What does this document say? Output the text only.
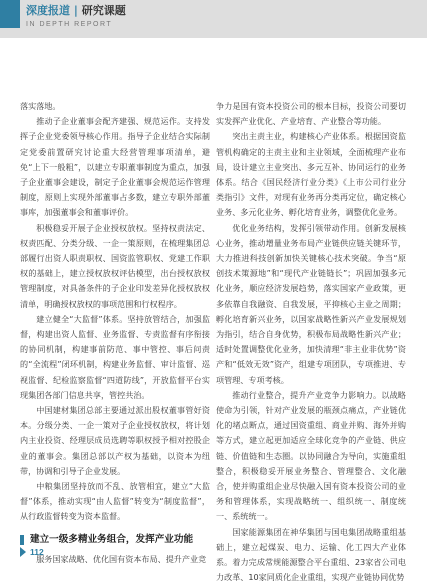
深度报道 | 研究课题
IN DEPTH REPORT

落实落地。

推动子企业董事会配齐建强、规范运作。支持发挥子企业党委领导核心作用。指导子企业结合实际制定党委前置研究讨论重大经营管理事项清单，避免“上下一般粗”，以建立专职董事制度为重点，加强子企业董事会建设，制定子企业董事会规范运作管理制度，原则上实现外部董事占多数，建立专职外部董事库，加强董事会和董事评价。

积极稳妥开展子企业授权放权。坚持权责法定、权责匹配、分类分级、一企一策原则，在梳理集团总部履行出资人职责职权、国资监管职权、党建工作职权的基础上，建立授权放权评估模型，出台授权放权管理制度，对具备条件的子企业印发差异化授权放权清单，明确授权放权的事项范围和行权程序。

建立健全“大监督”体系。坚持放管结合，加强监督，构建出资人监督、业务监督、专责监督有序衔接的协同机制，构建事前防范、事中管控、事后问责的“全流程”闭环机制，构建业务监督、审计监督、巡视监督、纪检监察监督“四道防线”，开放监督平台实现集团各部门信息共享，管控共治。

中国建材集团总部主要通过派出股权董事管好资本。分级分类、一企一策对子企业授权放权，将计划内主业投资、经理层成员选聘等职权授予相对控股企业的董事会。集团总部以产权为基础，以资本为纽带，协调和引导子企业发展。

中粮集团坚持放而不乱、放管相宜，建立“大监督”体系，推动实现“由人监督”转变为“制度监督”，从行政监督转变为资本监督。

建立一级多精业务组合，发挥产业功能

服务国家战略、优化国有资本布局、提升产业竞

争力是国有资本投资公司的根本目标，投资公司要切实发挥产业优化、产业培育、产业整合等功能。

突出主责主业，构建核心产业体系。根据国资监管机构确定的主责主业和主业领域，全面梳理产业布局，设计建立主业突出、多元互补、协同运行的业务体系。结合《国民经济行业分类》《上市公司行业分类指引》文件，对现有业务再分类再定位，确定核心业务、多元化业务、孵化培育业务，调整优化业务。

优化业务结构，发挥引领带动作用。创新发展核心业务，推动增量业务布局产业链供应链关键环节，大力推进科技创新加快关键核心技术突破。争当“原创技术策源地”和“现代产业链链长”；巩固加强多元化业务，顺应经济发展趋势，落实国家产业政策，更多依靠自我融资、自我发展，平抑核心主业之周期；孵化培育新兴业务，以国家战略性新兴产业发展规划为指引，结合自身优势，积极布局战略性新兴产业；适时处置调整优化业务，加快清理“非主业非优势”资产和“低效无效”资产，组建专项团队，专项推进、专项管理、专项考核。

推动行业整合，提升产业竞争力影响力。以战略使命为引领，针对产业发展的瓶颈点痛点，产业链优化的堵点断点，通过国资重组、商业并购、海外并购等方式，建立起更加适应全球化竞争的产业链、供应链、价值链和生态圈。以协同融合为导向，实施重组整合，积极稳妥开展业务整合、管理整合、文化融合，使并购重组企业尽快融入国有资本投资公司的业务和管理体系，实现战略统一、组织统一、制度统一、系统统一。

国家能源集团在神华集团与国电集团战略重组基础上，建立起煤炭、电力、运输、化工四大产业体系。着力完成常规能源整合平台重组、23家省公司电力改革、10家同质化企业重组，实现产业链协同优势

112
